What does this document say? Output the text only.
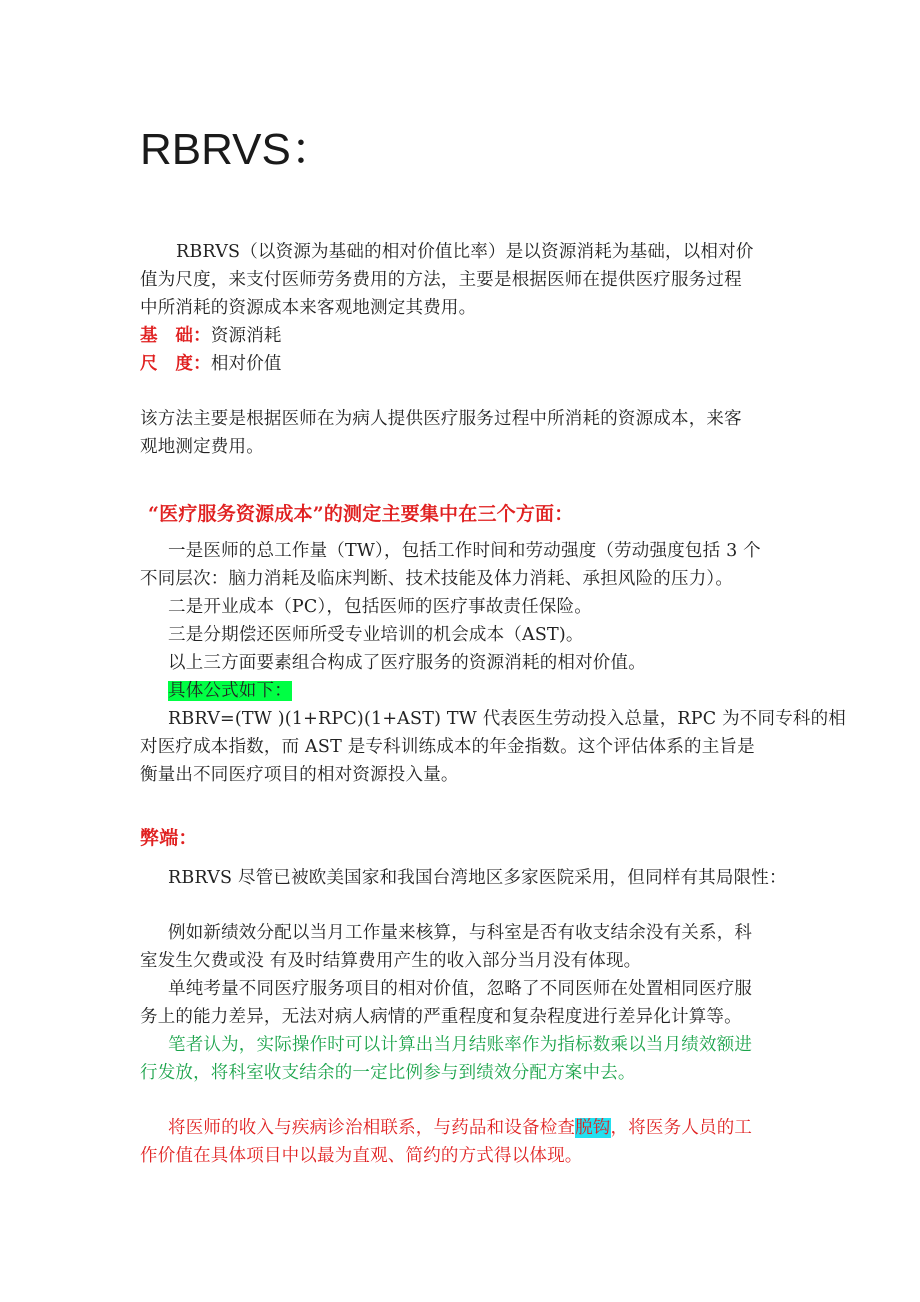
RBRVS：
RBRVS（以资源为基础的相对价值比率）是以资源消耗为基础，以相对价
值为尺度，来支付医师劳务费用的方法，主要是根据医师在提供医疗服务过程
中所消耗的资源成本来客观地测定其费用。
基　础：资源消耗
尺　度：相对价值
该方法主要是根据医师在为病人提供医疗服务过程中所消耗的资源成本，来客
观地测定费用。
“医疗服务资源成本”的测定主要集中在三个方面：
一是医师的总工作量（TW），包括工作时间和劳动强度（劳动强度包括 3 个
不同层次：脑力消耗及临床判断、技术技能及体力消耗、承担风险的压力）。
二是开业成本（PC），包括医师的医疗事故责任保险。
三是分期偿还医师所受专业培训的机会成本（AST)。
以上三方面要素组合构成了医疗服务的资源消耗的相对价值。
具体公式如下：
RBRV=(TW )(1+RPC)(1+AST) TW 代表医生劳动投入总量，RPC 为不同专科的相
对医疗成本指数，而 AST 是专科训练成本的年金指数。这个评估体系的主旨是
衡量出不同医疗项目的相对资源投入量。
弊端：
RBRVS 尽管已被欧美国家和我国台湾地区多家医院采用，但同样有其局限性：
例如新绩效分配以当月工作量来核算，与科室是否有收支结余没有关系，科
室发生欠费或没 有及时结算费用产生的收入部分当月没有体现。
单纯考量不同医疗服务项目的相对价值，忽略了不同医师在处置相同医疗服
务上的能力差异，无法对病人病情的严重程度和复杂程度进行差异化计算等。
笔者认为，实际操作时可以计算出当月结账率作为指标数乘以当月绩效额进
行发放，将科室收支结余的一定比例参与到绩效分配方案中去。
将医师的收入与疾病诊治相联系，与药品和设备检查脱钩，将医务人员的工
作价值在具体项目中以最为直观、简约的方式得以体现。
